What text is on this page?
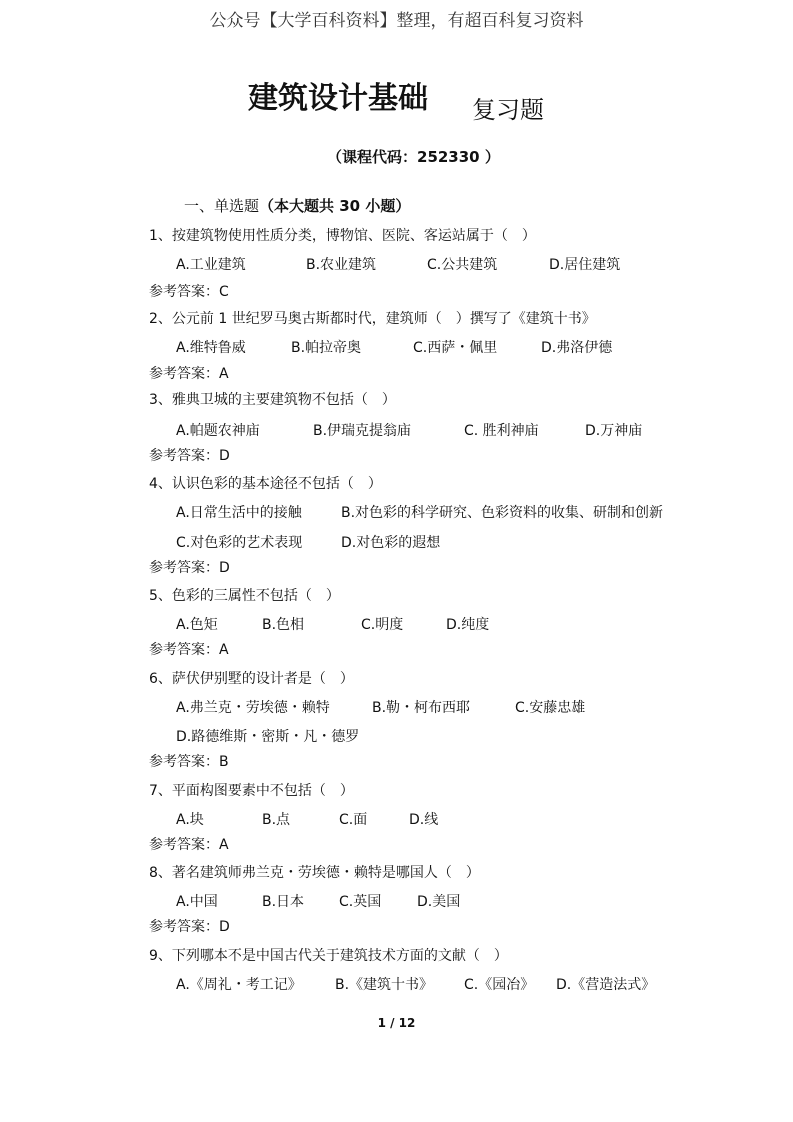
公众号【大学百科资料】整理，有超百科复习资料
建筑设计基础 复习题
（课程代码：252330 ）
一、单选题（本大题共 30 小题）
1、按建筑物使用性质分类，博物馆、医院、客运站属于（　）
A.工业建筑	B.农业建筑	C.公共建筑	D.居住建筑
参考答案：C
2、公元前 1 世纪罗马奥古斯都时代，建筑师（　）撰写了《建筑十书》
A.维特鲁威	B.帕拉帝奥	C.西萨・佩里	D.弗洛伊德
参考答案：A
3、雅典卫城的主要建筑物不包括（　）
A.帕题农神庙	B.伊瑞克提翁庙	C. 胜利神庙	D.万神庙
参考答案：D
4、认识色彩的基本途径不包括（　）
A.日常生活中的接触	B.对色彩的科学研究、色彩资料的收集、研制和创新
C.对色彩的艺术表现	D.对色彩的遐想
参考答案：D
5、色彩的三属性不包括（　）
A.色矩	B.色相	C.明度	D.纯度
参考答案：A
6、萨伏伊别墅的设计者是（　）
A.弗兰克・劳埃德・赖特	B.勒・柯布西耶	C.安藤忠雄
D.路德维斯・密斯・凡・德罗
参考答案：B
7、平面构图要素中不包括（　）
A.块	B.点	C.面	D.线
参考答案：A
8、著名建筑师弗兰克・劳埃德・赖特是哪国人（　）
A.中国	B.日本 C.英国	D.美国
参考答案：D
9、下列哪本不是中国古代关于建筑技术方面的文献（　）
A.《周礼・考工记》 B.《建筑十书》 C.《园冶》 D.《营造法式》
1 / 12
